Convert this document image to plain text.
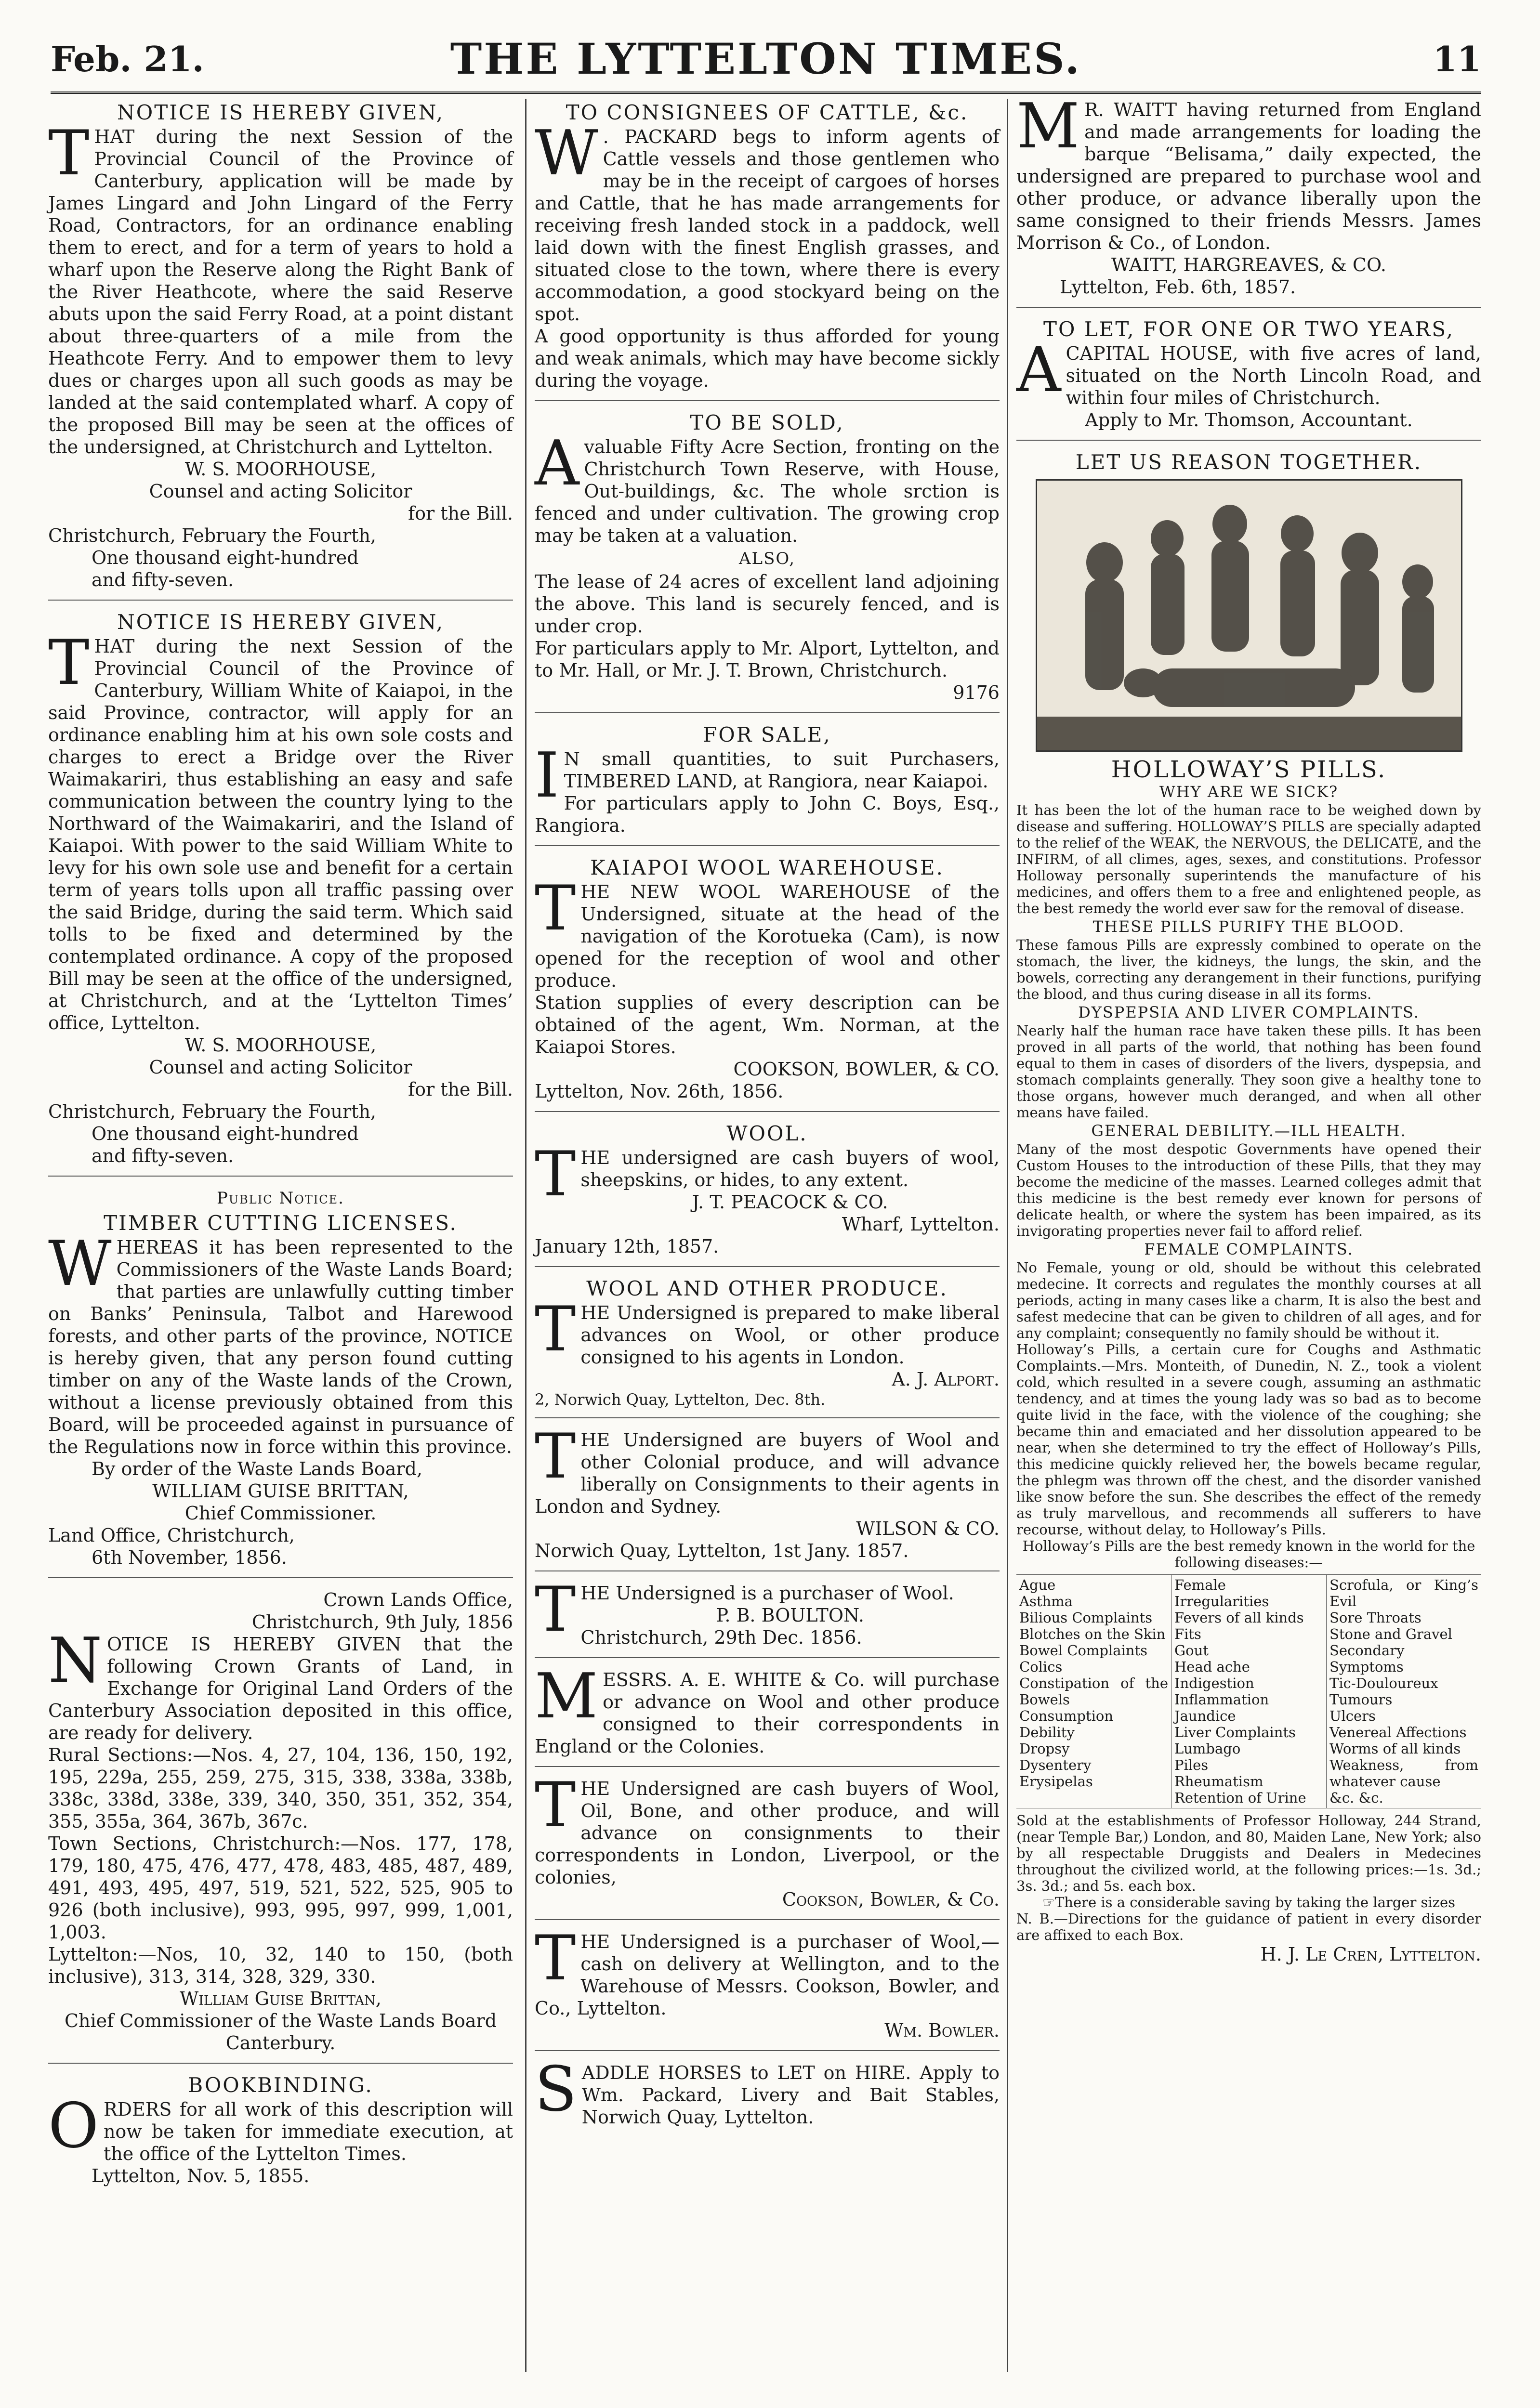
Feb. 21.	THE LYTTELTON TIMES.	11
NOTICE IS HEREBY GIVEN,

THAT during the next Session of the Provincial Council of the Province of Canterbury, application will be made by James Lingard and John Lingard of the Ferry Road, Contractors, for an ordinance enabling them to erect, and for a term of years to hold a wharf upon the Reserve along the Right Bank of the River Heathcote, where the said Reserve abuts upon the said Ferry Road, at a point distant about three-quarters of a mile from the Heathcote Ferry. And to empower them to levy dues or charges upon all such goods as may be landed at the said contemplated wharf. A copy of the proposed Bill may be seen at the offices of the undersigned, at Christchurch and Lyttelton.

W. S. MOORHOUSE,
Counsel and acting Solicitor
for the Bill.
Christchurch, February the Fourth,
One thousand eight-hundred
and fifty-seven.
NOTICE IS HEREBY GIVEN,

THAT during the next Session of the Provincial Council of the Province of Canterbury, William White of Kaiapoi, in the said Province, contractor, will apply for an ordinance enabling him at his own sole costs and charges to erect a Bridge over the River Waimakariri, thus establishing an easy and safe communication between the country lying to the Northward of the Waimakariri, and the Island of Kaiapoi. With power to the said William White to levy for his own sole use and benefit for a certain term of years tolls upon all traffic passing over the said Bridge, during the said term. Which said tolls to be fixed and determined by the contemplated ordinance. A copy of the proposed Bill may be seen at the office of the undersigned, at Christchurch, and at the ‘Lyttelton Times’ office, Lyttelton.

W. S. MOORHOUSE,
Counsel and acting Solicitor
for the Bill.
Christchurch, February the Fourth,
One thousand eight-hundred
and fifty-seven.
Public Notice.
TIMBER CUTTING LICENSES.

WHEREAS it has been represented to the Commissioners of the Waste Lands Board; that parties are unlawfully cutting timber on Banks’ Peninsula, Talbot and Harewood forests, and other parts of the province, NOTICE is hereby given, that any person found cutting timber on any of the Waste lands of the Crown, without a license previously obtained from this Board, will be proceeded against in pursuance of the Regulations now in force within this province.

By order of the Waste Lands Board,
WILLIAM GUISE BRITTAN,
Chief Commissioner.
Land Office, Christchurch,
6th November, 1856.
Crown Lands Office,
Christchurch, 9th July, 1856

NOTICE IS HEREBY GIVEN that the following Crown Grants of Land, in Exchange for Original Land Orders of the Canterbury Association deposited in this office, are ready for delivery.

Rural Sections:—Nos. 4, 27, 104, 136, 150, 192, 195, 229a, 255, 259, 275, 315, 338, 338a, 338b, 338c, 338d, 338e, 339, 340, 350, 351, 352, 354, 355, 355a, 364, 367b, 367c.

Town Sections, Christchurch:—Nos. 177, 178, 179, 180, 475, 476, 477, 478, 483, 485, 487, 489, 491, 493, 495, 497, 519, 521, 522, 525, 905 to 926 (both inclusive), 993, 995, 997, 999, 1,001, 1,003.

Lyttelton:—Nos, 10, 32, 140 to 150, (both inclusive), 313, 314, 328, 329, 330.

William Guise Brittan,
Chief Commissioner of the Waste Lands Board
Canterbury.
BOOKBINDING.

ORDERS for all work of this description will now be taken for immediate execution, at the office of the Lyttelton Times.

Lyttelton, Nov. 5, 1855.
TO CONSIGNEES OF CATTLE, &c.

W . PACKARD begs to inform agents of Cattle vessels and those gentlemen who may be in the receipt of cargoes of horses and Cattle, that he has made arrangements for receiving fresh landed stock in a paddock, well laid down with the finest English grasses, and situated close to the town, where there is every accommodation, a good stockyard being on the spot.

A good opportunity is thus afforded for young and weak animals, which may have become sickly during the voyage.

TO BE SOLD,

Avaluable Fifty Acre Section, fronting on the Christchurch Town Reserve, with House, Out-buildings, &c. The whole srction is fenced and under cultivation. The growing crop may be taken at a valuation.

ALSO,

The lease of 24 acres of excellent land adjoining the above. This land is securely fenced, and is under crop.

For particulars apply to Mr. Alport, Lyttelton, and to Mr. Hall, or Mr. J. T. Brown, Christchurch.

9176
FOR SALE,

I N small quantities, to suit Purchasers, TIMBERED LAND, at Rangiora, near Kaiapoi.

For particulars apply to John C. Boys, Esq., Rangiora.

KAIAPOI WOOL WAREHOUSE.

THE NEW WOOL WAREHOUSE of the Undersigned, situate at the head of the navigation of the Korotueka (Cam), is now opened for the reception of wool and other produce.

Station supplies of every description can be obtained of the agent, Wm. Norman, at the Kaiapoi Stores.

COOKSON, BOWLER, & CO.
Lyttelton, Nov. 26th, 1856.
WOOL.

THE undersigned are cash buyers of wool, sheepskins, or hides, to any extent.

J. T. PEACOCK & CO.
Wharf, Lyttelton.
January 12th, 1857.
WOOL AND OTHER PRODUCE.

THE Undersigned is prepared to make liberal advances on Wool, or other produce consigned to his agents in London.

A. J. Alport.
2, Norwich Quay, Lyttelton, Dec. 8th.

THE Undersigned are buyers of Wool and other Colonial produce, and will advance liberally on Consignments to their agents in London and Sydney.

WILSON & CO.
Norwich Quay, Lyttelton, 1st Jany. 1857.

THE Undersigned is a purchaser of Wool.

P. B. BOULTON.
Christchurch, 29th Dec. 1856.

MESSRS. A. E. WHITE & Co. will purchase or advance on Wool and other produce consigned to their correspondents in England or the Colonies.

THE Undersigned are cash buyers of Wool, Oil, Bone, and other produce, and will advance on consignments to their correspondents in London, Liverpool, or the colonies,

Cookson, Bowler, & Co.

THE Undersigned is a purchaser of Wool,—cash on delivery at Wellington, and to the Warehouse of Messrs. Cookson, Bowler, and Co., Lyttelton.

Wm. Bowler.

SADDLE HORSES to LET on HIRE. Apply to Wm. Packard, Livery and Bait Stables, Norwich Quay, Lyttelton.

M R. WAITT having returned from England and made arrangements for loading the barque “Belisama,” daily expected, the undersigned are prepared to purchase wool and other produce, or advance liberally upon the same consigned to their friends Messrs. James Morrison & Co., of London.

WAITT, HARGREAVES, & CO.
Lyttelton, Feb. 6th, 1857.
TO LET, FOR ONE OR TWO YEARS,

ACAPITAL HOUSE, with five acres of land, situated on the North Lincoln Road, and within four miles of Christchurch.

Apply to Mr. Thomson, Accountant.
LET US REASON TOGETHER.
HOLLOWAY’S PILLS.
WHY ARE WE SICK?

It has been the lot of the human race to be weighed down by disease and suffering. HOLLOWAY’S PILLS are specially adapted to the relief of the WEAK, the NERVOUS, the DELICATE, and the INFIRM, of all climes, ages, sexes, and constitutions. Professor Holloway personally superintends the manufacture of his medicines, and offers them to a free and enlightened people, as the best remedy the world ever saw for the removal of disease.

THESE PILLS PURIFY THE BLOOD.

These famous Pills are expressly combined to operate on the stomach, the liver, the kidneys, the lungs, the skin, and the bowels, correcting any derangement in their functions, purifying the blood, and thus curing disease in all its forms.

DYSPEPSIA AND LIVER COMPLAINTS.

Nearly half the human race have taken these pills. It has been proved in all parts of the world, that nothing has been found equal to them in cases of disorders of the livers, dyspepsia, and stomach complaints generally. They soon give a healthy tone to those organs, however much deranged, and when all other means have failed.

GENERAL DEBILITY.—ILL HEALTH.

Many of the most despotic Governments have opened their Custom Houses to the introduction of these Pills, that they may become the medicine of the masses. Learned colleges admit that this medicine is the best remedy ever known for persons of delicate health, or where the system has been impaired, as its invigorating properties never fail to afford relief.

FEMALE COMPLAINTS.

No Female, young or old, should be without this celebrated medecine. It corrects and regulates the monthly courses at all periods, acting in many cases like a charm, It is also the best and safest medecine that can be given to children of all ages, and for any complaint; consequently no family should be without it.

Holloway’s Pills, a certain cure for Coughs and Asthmatic Complaints.—Mrs. Monteith, of Dunedin, N. Z., took a violent cold, which resulted in a severe cough, assuming an asthmatic tendency, and at times the young lady was so bad as to become quite livid in the face, with the violence of the coughing; she became thin and emaciated and her dissolution appeared to be near, when she determined to try the effect of Holloway’s Pills, this medicine quickly relieved her, the bowels became regular, the phlegm was thrown off the chest, and the disorder vanished like snow before the sun. She describes the effect of the remedy as truly marvellous, and recommends all sufferers to have recourse, without delay, to Holloway’s Pills.

Holloway’s Pills are the best remedy known in the world for the following diseases:—

Ague
Asthma
Bilious Complaints
Blotches on the Skin
Bowel Complaints
Colics
Constipation of the Bowels
Consumption
Debility
Dropsy
Dysentery
Erysipelas
Female Irregularities
Fevers of all kinds
Fits
Gout
Head ache
Indigestion
Inflammation
Jaundice
Liver Complaints
Lumbago
Piles
Rheumatism
Retention of Urine
Scrofula, or King’s Evil
Sore Throats
Stone and Gravel
Secondary Symptoms
Tic-Douloureux
Tumours
Ulcers
Venereal Affections
Worms of all kinds
Weakness, from whatever cause
&c. &c.

Sold at the establishments of Professor Holloway, 244 Strand, (near Temple Bar,) London, and 80, Maiden Lane, New York; also by all respectable Druggists and Dealers in Medecines throughout the civilized world, at the following prices:—1s. 3d.; 3s. 3d.; and 5s. each box.

☞There is a considerable saving by taking the larger sizes

N. B.—Directions for the guidance of patient in every disorder are affixed to each Box.

H. J. Le Cren, Lyttelton.
